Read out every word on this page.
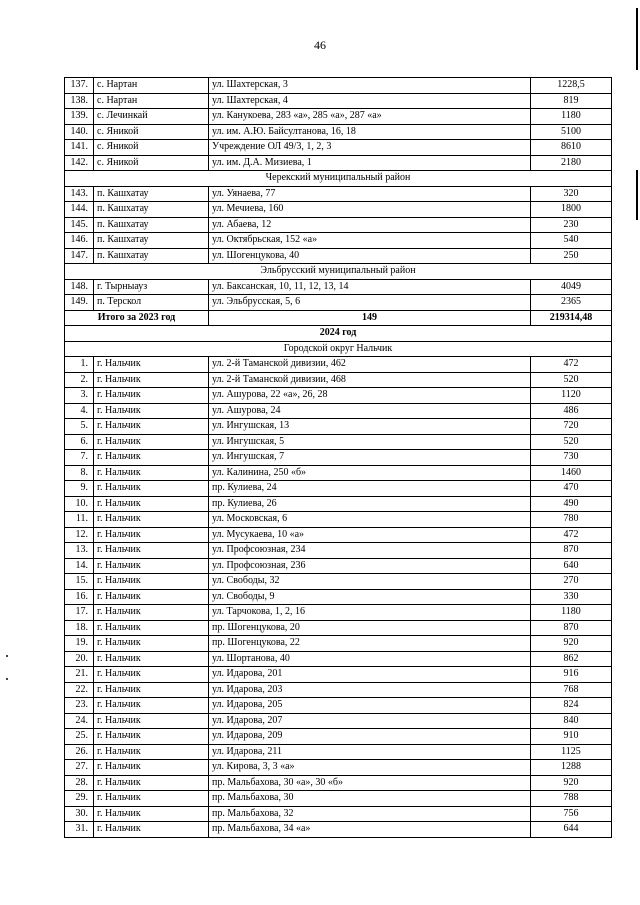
46
137.	с. Нартан	ул. Шахтерская, 3	1228,5
138.	с. Нартан	ул. Шахтерская, 4	819
139.	с. Лечинкай	ул. Канукоева, 283 «а», 285 «а», 287 «а»	1180
140.	с. Яникой	ул. им. А.Ю. Байсултанова, 16, 18	5100
141.	с. Яникой	Учреждение ОЛ 49/3, 1, 2, 3	8610
142.	с. Яникой	ул. им. Д.А. Мизиева, 1	2180
Черекский муниципальный район			
143.	п. Кашхатау	ул. Уянаева, 77	320
144.	п. Кашхатау	ул. Мечиева, 160	1800
145.	п. Кашхатау	ул. Абаева, 12	230
146.	п. Кашхатау	ул. Октябрьская, 152 «а»	540
147.	п. Кашхатау	ул. Шогенцукова, 40	250
Эльбрусский муниципальный район			
148.	г. Тырныауз	ул. Баксанская, 10, 11, 12, 13, 14	4049
149.	п. Терскол	ул. Эльбрусская, 5, 6	2365
Итого за 2023 год		149	219314,48
2024 год			
Городской округ Нальчик			
1.	г. Нальчик	ул. 2-й Таманской дивизии, 462	472
2.	г. Нальчик	ул. 2-й Таманской дивизии, 468	520
3.	г. Нальчик	ул. Ашурова, 22 «а», 26, 28	1120
4.	г. Нальчик	ул. Ашурова, 24	486
5.	г. Нальчик	ул. Ингушская, 13	720
6.	г. Нальчик	ул. Ингушская, 5	520
7.	г. Нальчик	ул. Ингушская, 7	730
8.	г. Нальчик	ул. Калинина, 250 «б»	1460
9.	г. Нальчик	пр. Кулиева, 24	470
10.	г. Нальчик	пр. Кулиева, 26	490
11.	г. Нальчик	ул. Московская, 6	780
12.	г. Нальчик	ул. Мусукаева, 10 «а»	472
13.	г. Нальчик	ул. Профсоюзная, 234	870
14.	г. Нальчик	ул. Профсоюзная, 236	640
15.	г. Нальчик	ул. Свободы, 32	270
16.	г. Нальчик	ул. Свободы, 9	330
17.	г. Нальчик	ул. Тарчокова, 1, 2, 16	1180
18.	г. Нальчик	пр. Шогенцукова, 20	870
19.	г. Нальчик	пр. Шогенцукова, 22	920
20.	г. Нальчик	ул. Шортанова, 40	862
21.	г. Нальчик	ул. Идарова, 201	916
22.	г. Нальчик	ул. Идарова, 203	768
23.	г. Нальчик	ул. Идарова, 205	824
24.	г. Нальчик	ул. Идарова, 207	840
25.	г. Нальчик	ул. Идарова, 209	910
26.	г. Нальчик	ул. Идарова, 211	1125
27.	г. Нальчик	ул. Кирова, 3, 3 «а»	1288
28.	г. Нальчик	пр. Мальбахова, 30 «а», 30 «б»	920
29.	г. Нальчик	пр. Мальбахова, 30	788
30.	г. Нальчик	пр. Мальбахова, 32	756
31.	г. Нальчик	пр. Мальбахова, 34 «а»	644
